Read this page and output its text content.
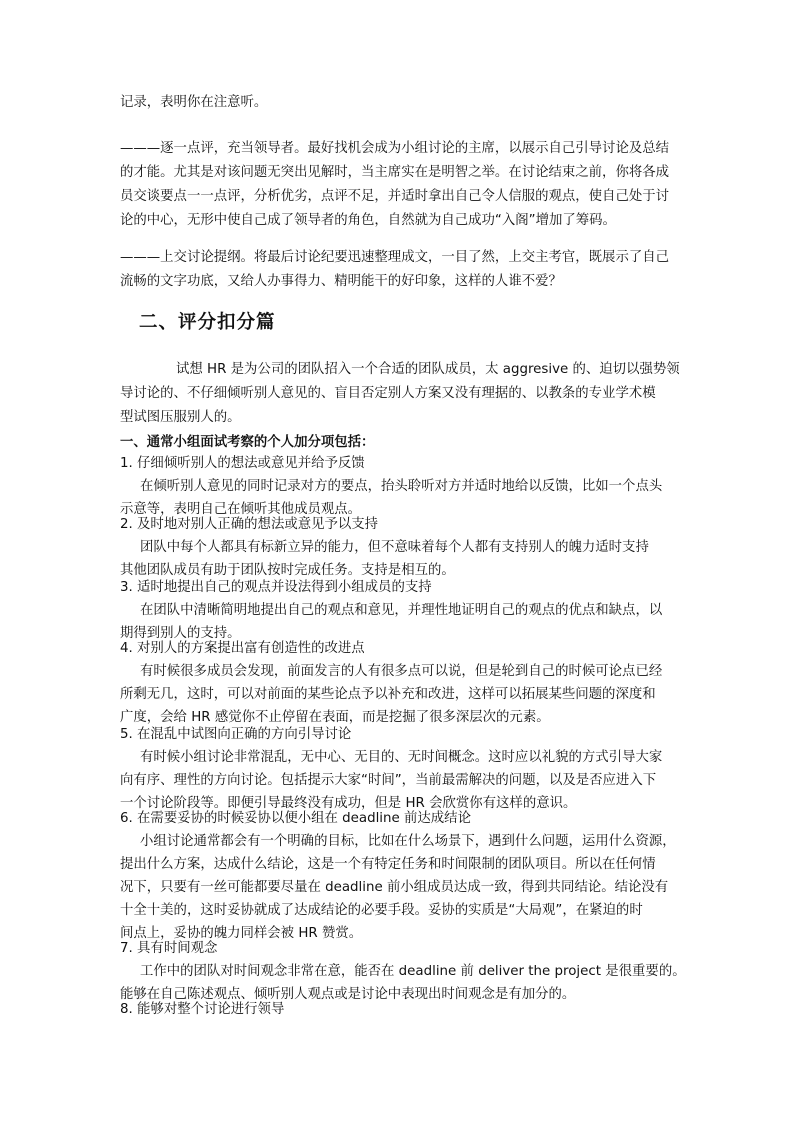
记录，表明你在注意听。
———逐一点评，充当领导者。最好找机会成为小组讨论的主席，以展示自己引导讨论及总结
的才能。尤其是对该问题无突出见解时，当主席实在是明智之举。在讨论结束之前，你将各成
员交谈要点一一点评，分析优劣，点评不足，并适时拿出自己令人信服的观点，使自己处于讨
论的中心，无形中使自己成了领导者的角色，自然就为自己成功“入阁”增加了筹码。
———上交讨论提纲。将最后讨论纪要迅速整理成文，一目了然，上交主考官，既展示了自己
流畅的文字功底，又给人办事得力、精明能干的好印象，这样的人谁不爱？
二、评分扣分篇
试想 HR 是为公司的团队招入一个合适的团队成员，太 aggresive 的、迫切以强势领
导讨论的、不仔细倾听别人意见的、盲目否定别人方案又没有理据的、以教条的专业学术模
型试图压服别人的。
一、通常小组面试考察的个人加分项包括：
1. 仔细倾听别人的想法或意见并给予反馈
在倾听别人意见的同时记录对方的要点，抬头聆听对方并适时地给以反馈，比如一个点头
示意等，表明自己在倾听其他成员观点。
2. 及时地对别人正确的想法或意见予以支持
团队中每个人都具有标新立异的能力，但不意味着每个人都有支持别人的魄力适时支持
其他团队成员有助于团队按时完成任务。支持是相互的。
3. 适时地提出自己的观点并设法得到小组成员的支持
在团队中清晰简明地提出自己的观点和意见，并理性地证明自己的观点的优点和缺点，以
期得到别人的支持。
4. 对别人的方案提出富有创造性的改进点
有时候很多成员会发现，前面发言的人有很多点可以说，但是轮到自己的时候可论点已经
所剩无几，这时，可以对前面的某些论点予以补充和改进，这样可以拓展某些问题的深度和
广度，会给 HR 感觉你不止停留在表面，而是挖掘了很多深层次的元素。
5. 在混乱中试图向正确的方向引导讨论
有时候小组讨论非常混乱，无中心、无目的、无时间概念。这时应以礼貌的方式引导大家
向有序、理性的方向讨论。包括提示大家“时间”，当前最需解决的问题，以及是否应进入下
一个讨论阶段等。即便引导最终没有成功，但是 HR 会欣赏你有这样的意识。
6. 在需要妥协的时候妥协以便小组在 deadline 前达成结论
小组讨论通常都会有一个明确的目标，比如在什么场景下，遇到什么问题，运用什么资源，
提出什么方案，达成什么结论，这是一个有特定任务和时间限制的团队项目。所以在任何情
况下，只要有一丝可能都要尽量在 deadline 前小组成员达成一致，得到共同结论。结论没有
十全十美的，这时妥协就成了达成结论的必要手段。妥协的实质是“大局观”，在紧迫的时
间点上，妥协的魄力同样会被 HR 赞赏。
7. 具有时间观念
工作中的团队对时间观念非常在意，能否在 deadline 前 deliver the project 是很重要的。
能够在自己陈述观点、倾听别人观点或是讨论中表现出时间观念是有加分的。
8. 能够对整个讨论进行领导
